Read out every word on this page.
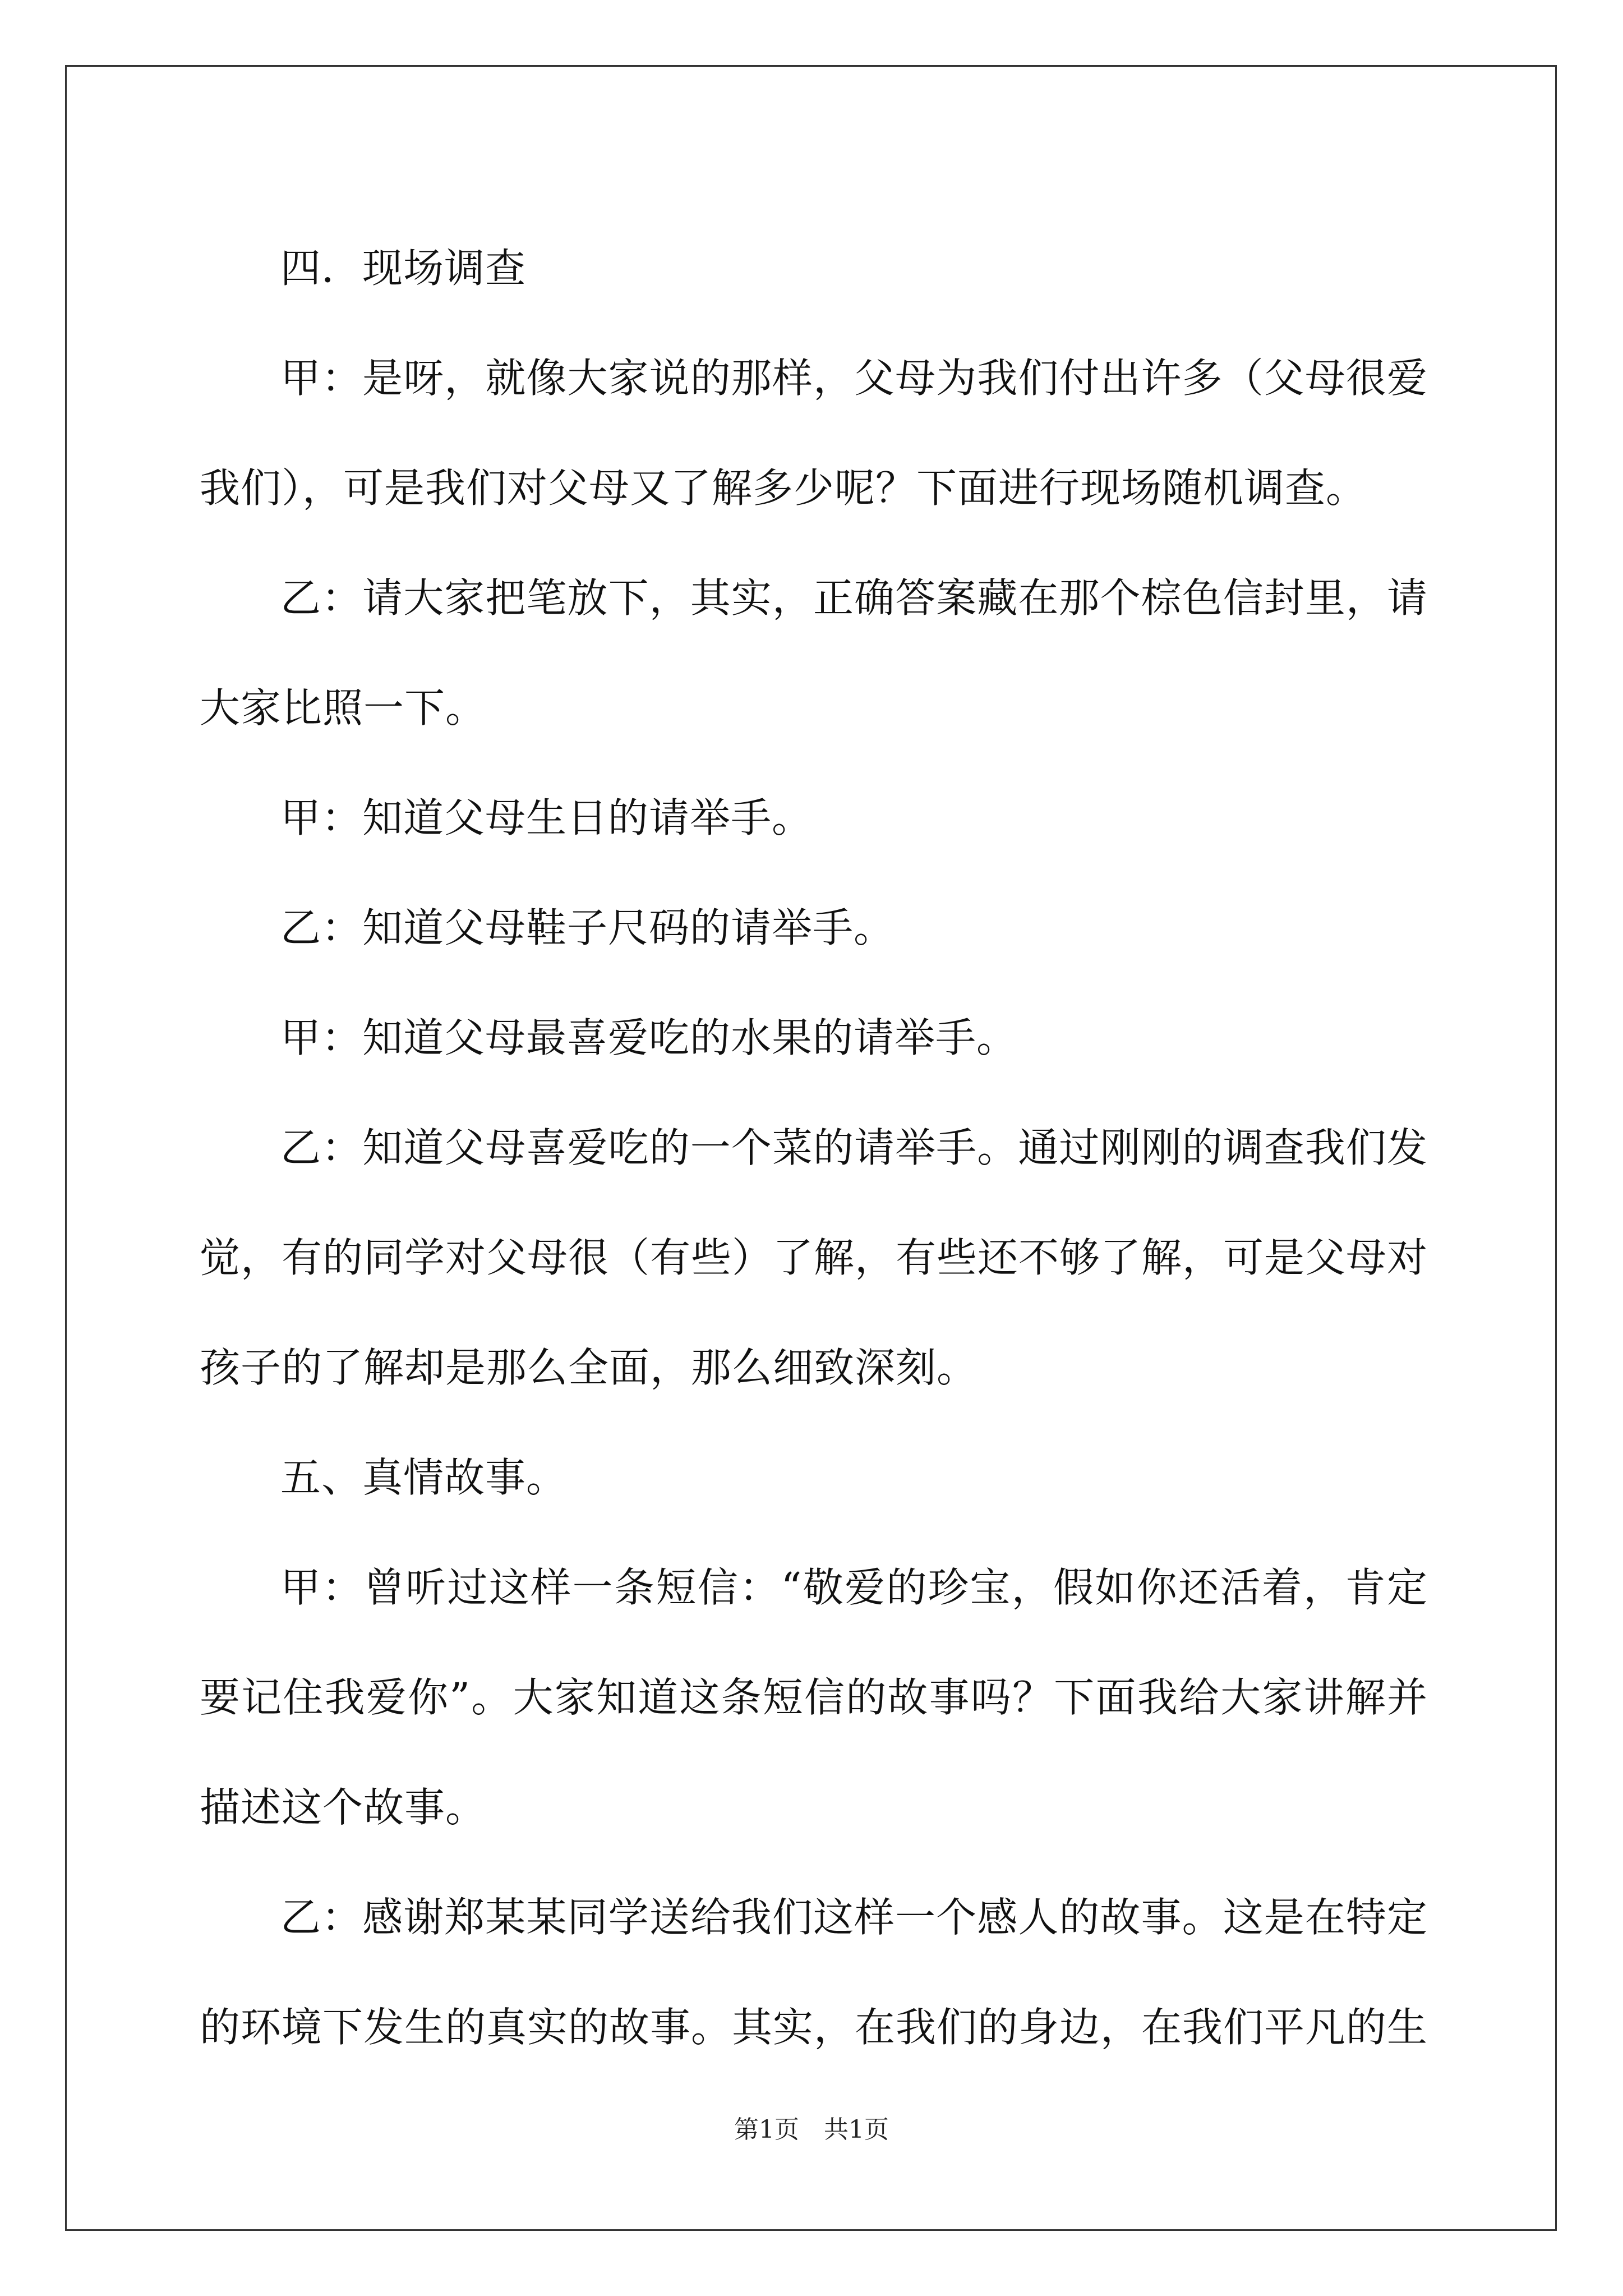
四．现场调查

甲：是呀，就像大家说的那样，父母为我们付出许多（父母很爱我们），可是我们对父母又了解多少呢？下面进行现场随机调查。

乙：请大家把笔放下，其实，正确答案藏在那个棕色信封里，请大家比照一下。

甲：知道父母生日的请举手。

乙：知道父母鞋子尺码的请举手。

甲：知道父母最喜爱吃的水果的请举手。

乙：知道父母喜爱吃的一个菜的请举手。通过刚刚的调查我们发觉，有的同学对父母很（有些）了解，有些还不够了解，可是父母对孩子的了解却是那么全面，那么细致深刻。

五、真情故事。

甲：曾听过这样一条短信：“敬爱的珍宝，假如你还活着，肯定要记住我爱你”。大家知道这条短信的故事吗？下面我给大家讲解并描述这个故事。

乙：感谢郑某某同学送给我们这样一个感人的故事。这是在特定的环境下发生的真实的故事。其实，在我们的身边，在我们平凡的生

第1页　共1页
